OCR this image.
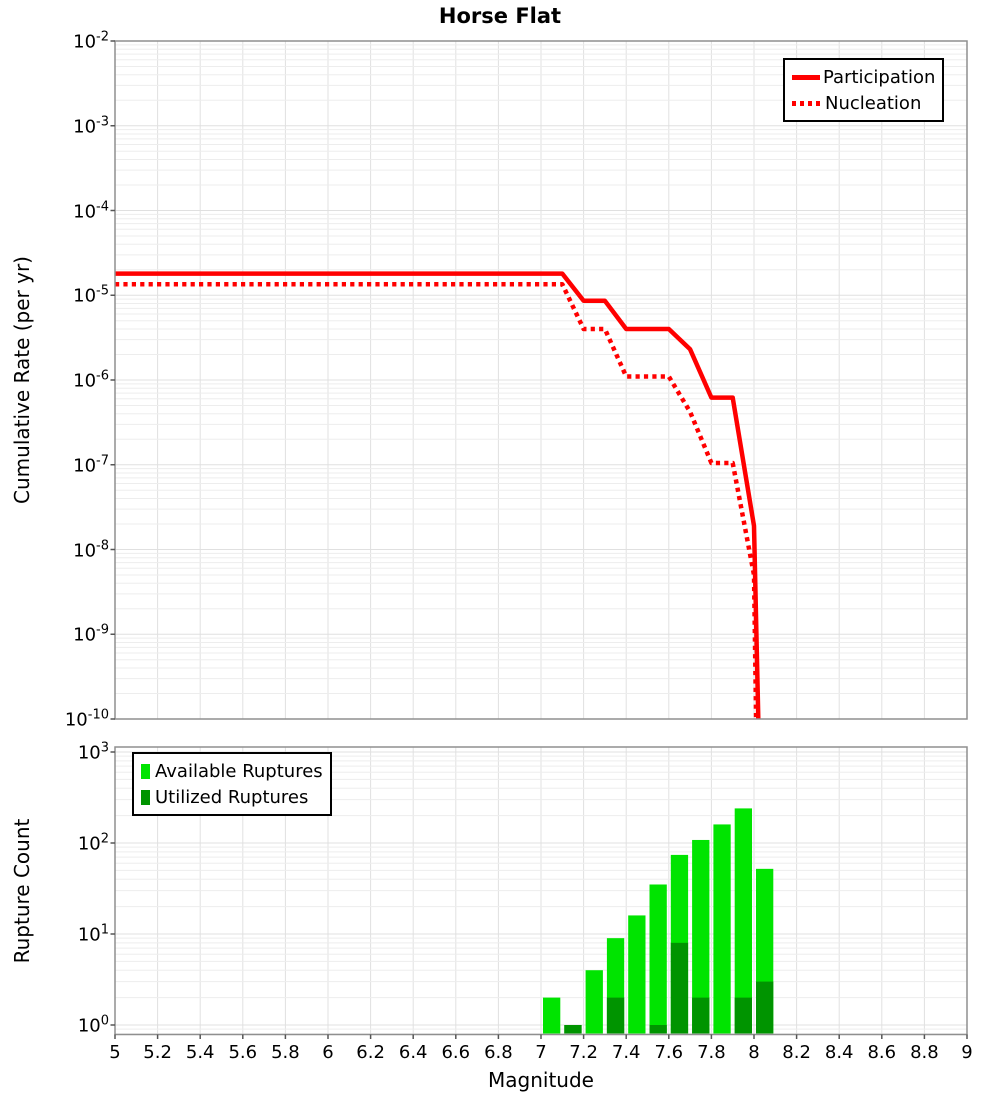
Horse Flat
Cumulative Rate (per yr)
Rupture Count
Magnitude
Participation
Nucleation
Available Ruptures
Utilized Ruptures
$10^{-2}$
$10^{-3}$
$10^{-4}$
$10^{-5}$
$10^{-6}$
$10^{-7}$
$10^{-8}$
$10^{-9}$
$10^{-10}$
$10^3$
$10^2$
$10^1$
$10^0$
5 5.2 5.4 5.6 5.8 6 6.2 6.4 6.6 6.8 7 7.2 7.4 7.6 7.8 8 8.2 8.4 8.6 8.8 9
